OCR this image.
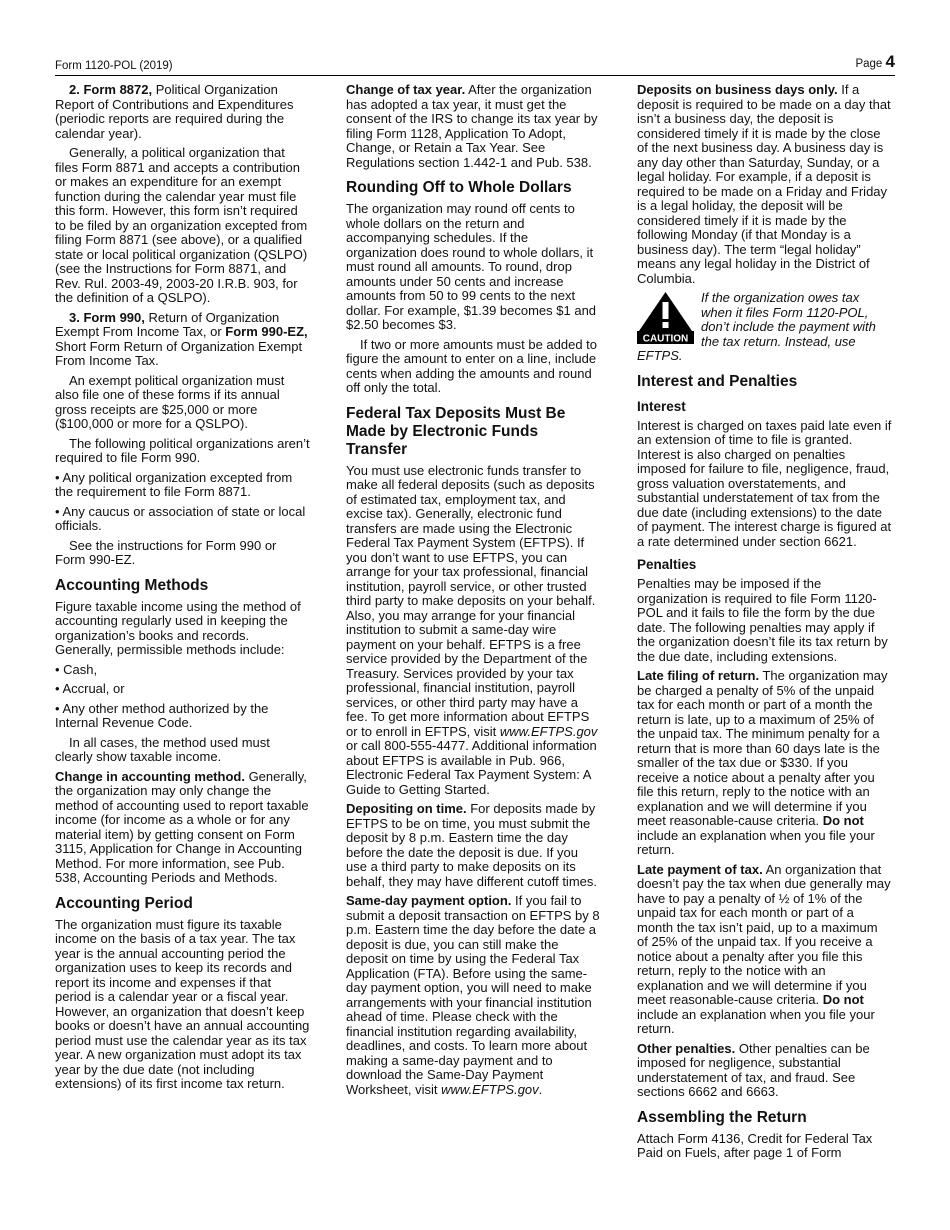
Form 1120-POL (2019)	Page 4

2. Form 8872, Political Organization Report of Contributions and Expenditures (periodic reports are required during the calendar year).

Generally, a political organization that files Form 8871 and accepts a contribution or makes an expenditure for an exempt function during the calendar year must file this form. However, this form isn’t required to be filed by an organization excepted from filing Form 8871 (see above), or a qualified state or local political organization (QSLPO) (see the Instructions for Form 8871, and Rev. Rul. 2003-49, 2003-20 I.R.B. 903, for the definition of a QSLPO).

3. Form 990, Return of Organization Exempt From Income Tax, or Form 990-EZ, Short Form Return of Organization Exempt From Income Tax.

An exempt political organization must also file one of these forms if its annual gross receipts are $25,000 or more ($100,000 or more for a QSLPO).

The following political organizations aren’t required to file Form 990.

• Any political organization excepted from the requirement to file Form 8871.

• Any caucus or association of state or local officials.

See the instructions for Form 990 or Form 990-EZ.

Accounting Methods

Figure taxable income using the method of accounting regularly used in keeping the organization’s books and records. Generally, permissible methods include:

• Cash,

• Accrual, or

• Any other method authorized by the Internal Revenue Code.

In all cases, the method used must clearly show taxable income.

Change in accounting method. Generally, the organization may only change the method of accounting used to report taxable income (for income as a whole or for any material item) by getting consent on Form 3115, Application for Change in Accounting Method. For more information, see Pub. 538, Accounting Periods and Methods.

Accounting Period

The organization must figure its taxable income on the basis of a tax year. The tax year is the annual accounting period the organization uses to keep its records and report its income and expenses if that period is a calendar year or a fiscal year. However, an organization that doesn’t keep books or doesn’t have an annual accounting period must use the calendar year as its tax year. A new organization must adopt its tax year by the due date (not including extensions) of its first income tax return.

Change of tax year. After the organization has adopted a tax year, it must get the consent of the IRS to change its tax year by filing Form 1128, Application To Adopt, Change, or Retain a Tax Year. See Regulations section 1.442-1 and Pub. 538.

Rounding Off to Whole Dollars

The organization may round off cents to whole dollars on the return and accompanying schedules. If the organization does round to whole dollars, it must round all amounts. To round, drop amounts under 50 cents and increase amounts from 50 to 99 cents to the next dollar. For example, $1.39 becomes $1 and $2.50 becomes $3.

If two or more amounts must be added to figure the amount to enter on a line, include cents when adding the amounts and round off only the total.

Federal Tax Deposits Must Be Made by Electronic Funds Transfer

You must use electronic funds transfer to make all federal deposits (such as deposits of estimated tax, employment tax, and excise tax). Generally, electronic fund transfers are made using the Electronic Federal Tax Payment System (EFTPS). If you don’t want to use EFTPS, you can arrange for your tax professional, financial institution, payroll service, or other trusted third party to make deposits on your behalf. Also, you may arrange for your financial institution to submit a same-day wire payment on your behalf. EFTPS is a free service provided by the Department of the Treasury. Services provided by your tax professional, financial institution, payroll services, or other third party may have a fee. To get more information about EFTPS or to enroll in EFTPS, visit www.EFTPS.gov or call 800-555-4477. Additional information about EFTPS is available in Pub. 966, Electronic Federal Tax Payment System: A Guide to Getting Started.

Depositing on time. For deposits made by EFTPS to be on time, you must submit the deposit by 8 p.m. Eastern time the day before the date the deposit is due. If you use a third party to make deposits on its behalf, they may have different cutoff times.

Same-day payment option. If you fail to submit a deposit transaction on EFTPS by 8 p.m. Eastern time the day before the date a deposit is due, you can still make the deposit on time by using the Federal Tax Application (FTA). Before using the same-day payment option, you will need to make arrangements with your financial institution ahead of time. Please check with the financial institution regarding availability, deadlines, and costs. To learn more about making a same-day payment and to download the Same-Day Payment Worksheet, visit www.EFTPS.gov.

Deposits on business days only. If a deposit is required to be made on a day that isn’t a business day, the deposit is considered timely if it is made by the close of the next business day. A business day is any day other than Saturday, Sunday, or a legal holiday. For example, if a deposit is required to be made on a Friday and Friday is a legal holiday, the deposit will be considered timely if it is made by the following Monday (if that Monday is a business day). The term “legal holiday” means any legal holiday in the District of Columbia.

CAUTION
If the organization owes tax when it files Form 1120-POL, don’t include the payment with the tax return. Instead, use EFTPS.
Interest and Penalties
Interest

Interest is charged on taxes paid late even if an extension of time to file is granted. Interest is also charged on penalties imposed for failure to file, negligence, fraud, gross valuation overstatements, and substantial understatement of tax from the due date (including extensions) to the date of payment. The interest charge is figured at a rate determined under section 6621.

Penalties

Penalties may be imposed if the organization is required to file Form 1120-POL and it fails to file the form by the due date. The following penalties may apply if the organization doesn’t file its tax return by the due date, including extensions.

Late filing of return. The organization may be charged a penalty of 5% of the unpaid tax for each month or part of a month the return is late, up to a maximum of 25% of the unpaid tax. The minimum penalty for a return that is more than 60 days late is the smaller of the tax due or $330. If you receive a notice about a penalty after you file this return, reply to the notice with an explanation and we will determine if you meet reasonable-cause criteria. Do not include an explanation when you file your return.

Late payment of tax. An organization that doesn’t pay the tax when due generally may have to pay a penalty of ½ of 1% of the unpaid tax for each month or part of a month the tax isn’t paid, up to a maximum of 25% of the unpaid tax. If you receive a notice about a penalty after you file this return, reply to the notice with an explanation and we will determine if you meet reasonable-cause criteria. Do not include an explanation when you file your return.

Other penalties. Other penalties can be imposed for negligence, substantial understatement of tax, and fraud. See sections 6662 and 6663.

Assembling the Return

Attach Form 4136, Credit for Federal Tax Paid on Fuels, after page 1 of Form
